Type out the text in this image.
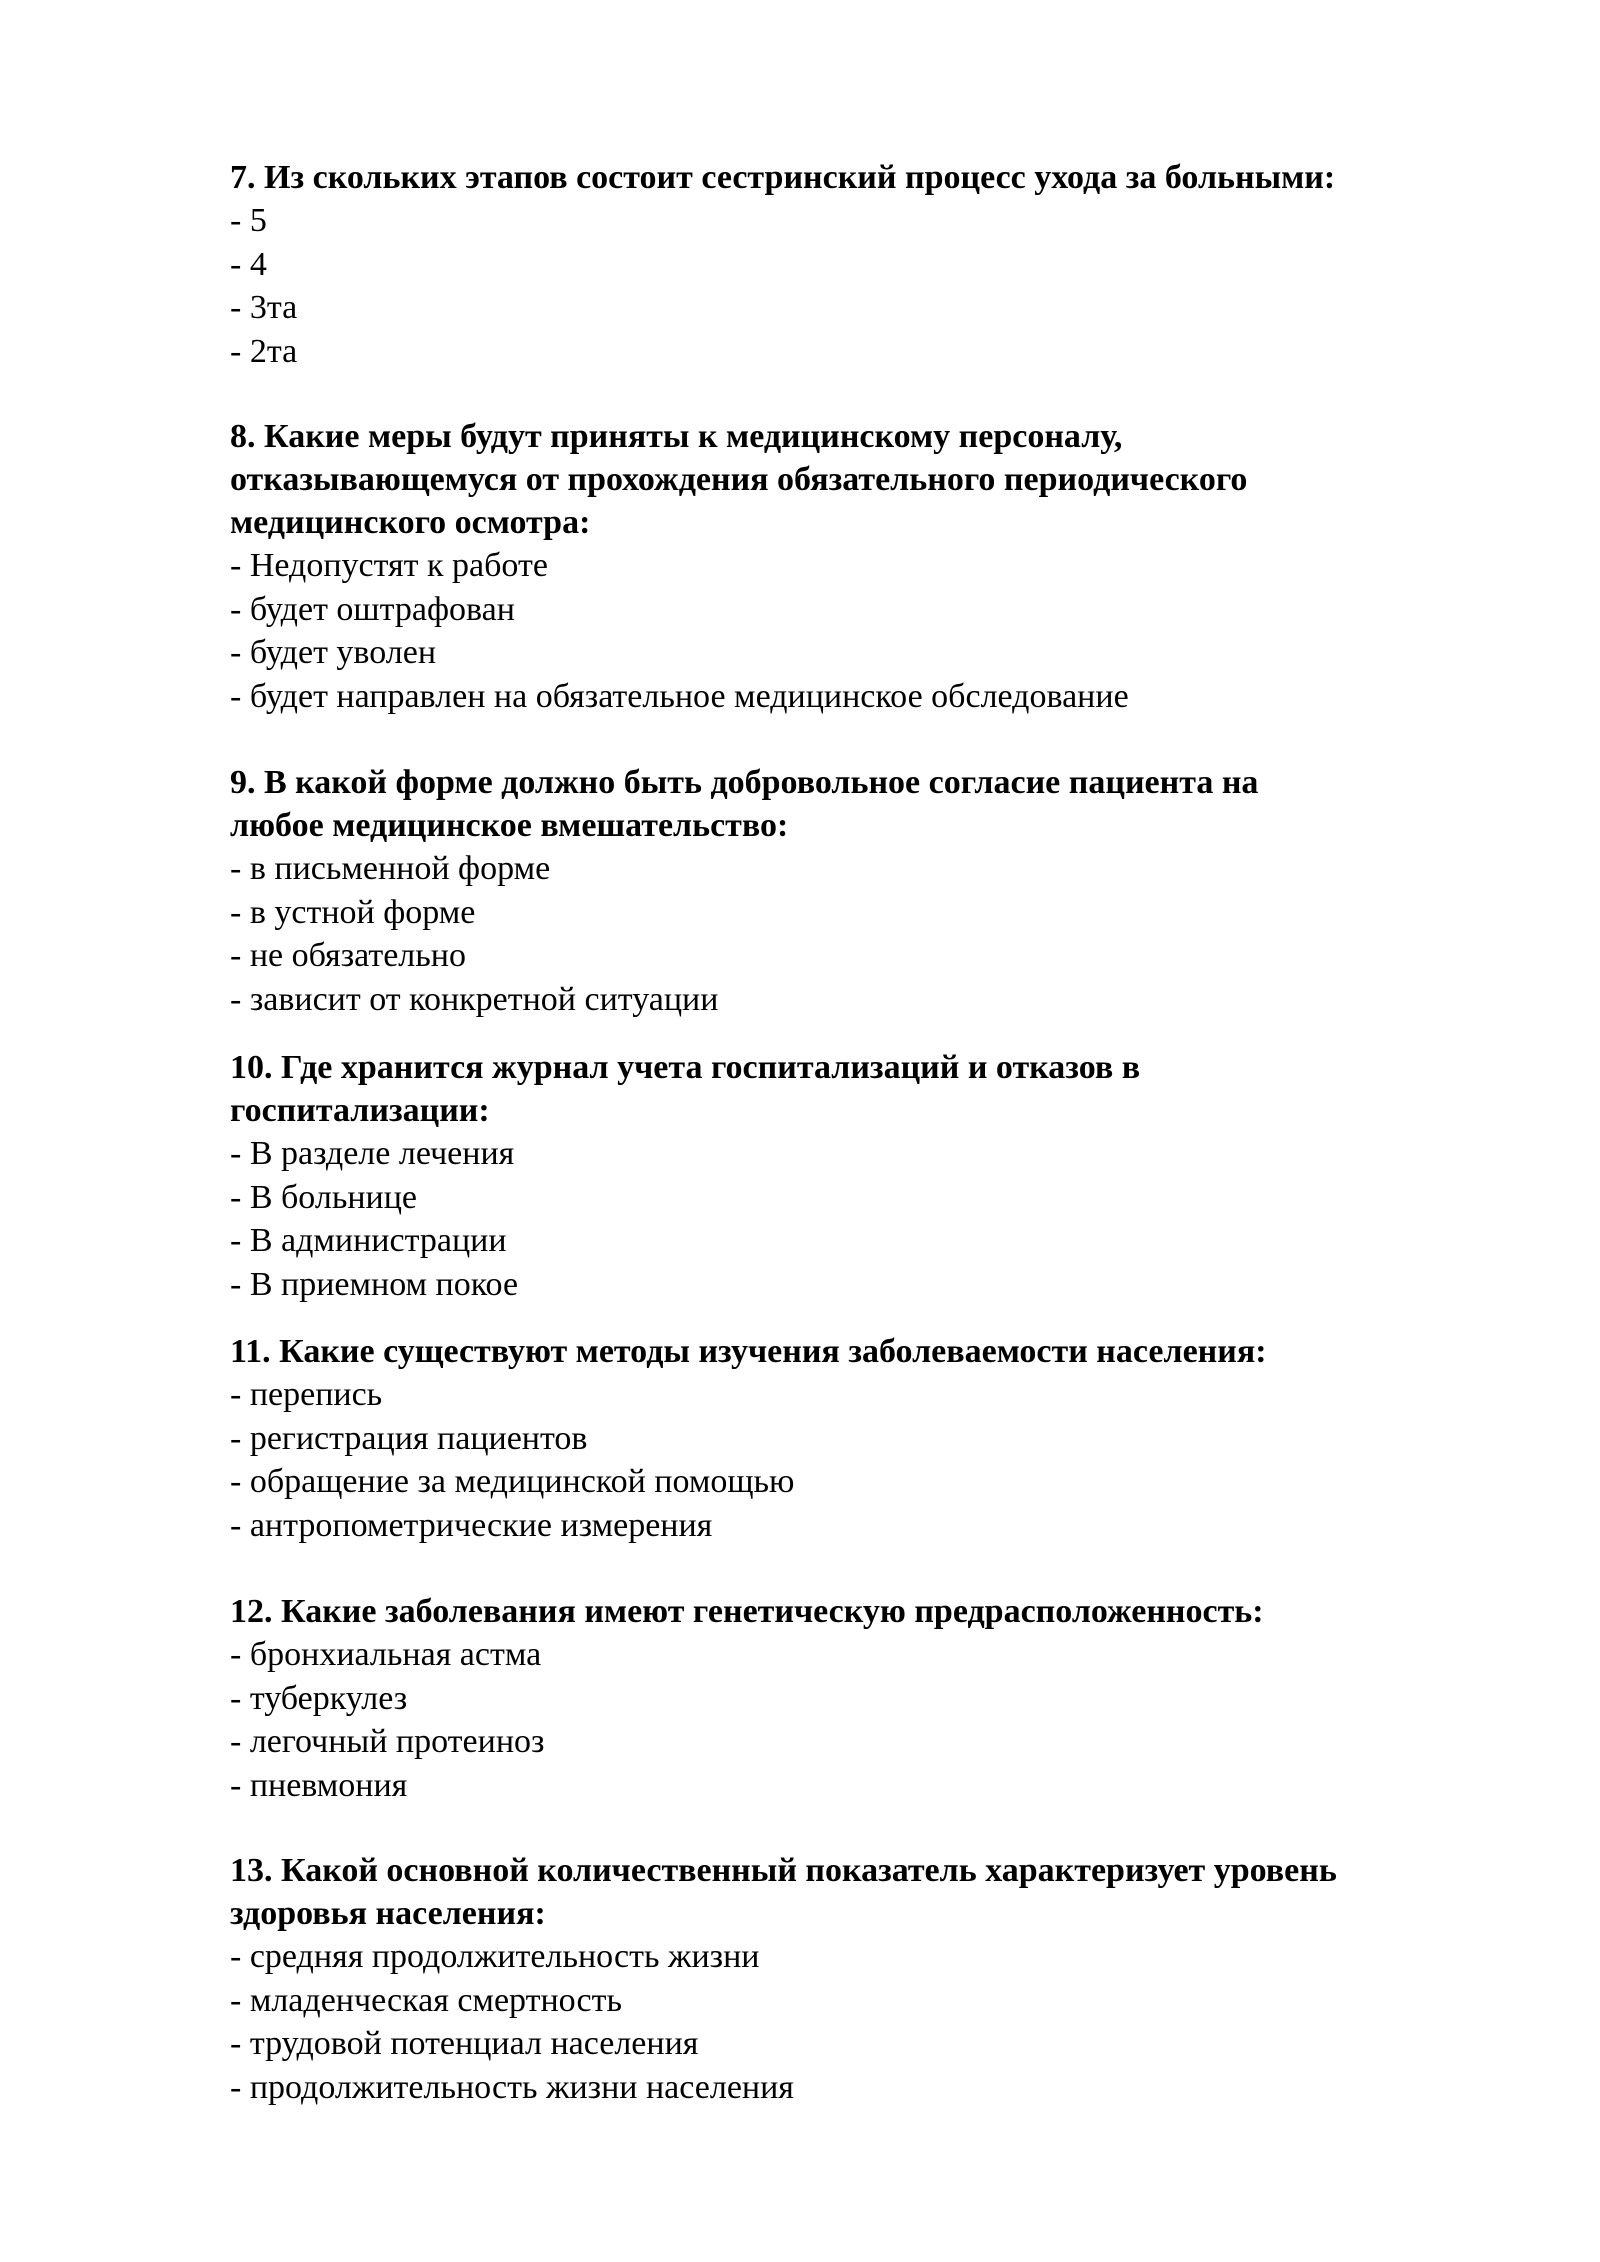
7. Из скольких этапов состоит сестринский процесс ухода за больными:
- 5
- 4
- 3та
- 2та
8. Какие меры будут приняты к медицинскому персоналу,
отказывающемуся от прохождения обязательного периодического
медицинского осмотра:
- Недопустят к работе
- будет оштрафован
- будет уволен
- будет направлен на обязательное медицинское обследование
9. В какой форме должно быть добровольное согласие пациента на
любое медицинское вмешательство:
- в письменной форме
- в устной форме
- не обязательно
- зависит от конкретной ситуации
10. Где хранится журнал учета госпитализаций и отказов в
госпитализации:
- В разделе лечения
- В больнице
- В администрации
- В приемном покое
11. Какие существуют методы изучения заболеваемости населения:
- перепись
- регистрация пациентов
- обращение за медицинской помощью
- антропометрические измерения
12. Какие заболевания имеют генетическую предрасположенность:
- бронхиальная астма
- туберкулез
- легочный протеиноз
- пневмония
13. Какой основной количественный показатель характеризует уровень
здоровья населения:
- средняя продолжительность жизни
- младенческая смертность
- трудовой потенциал населения
- продолжительность жизни населения
